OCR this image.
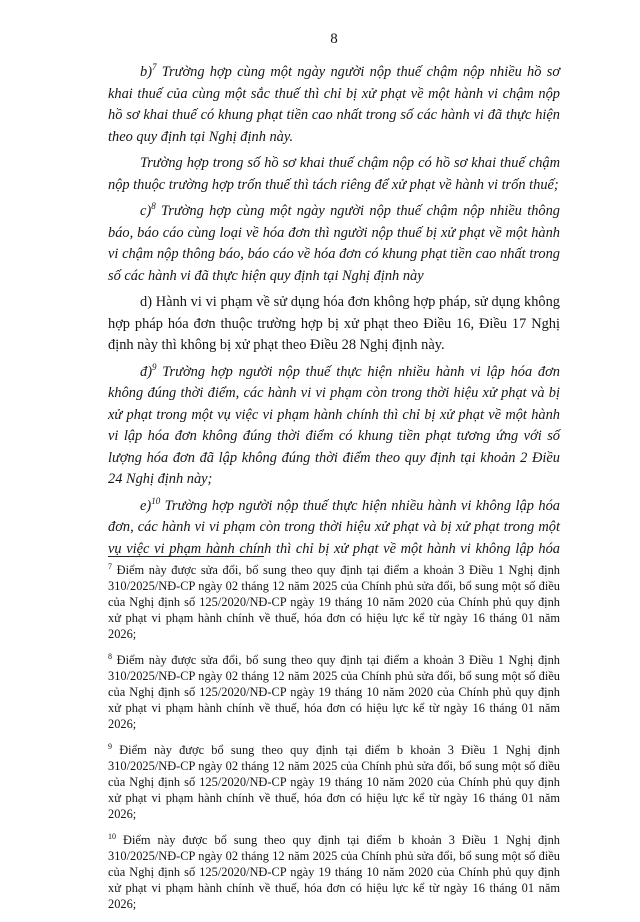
8

b)$^7$ Trường hợp cùng một ngày người nộp thuế chậm nộp nhiều hồ sơ khai thuế của cùng một sắc thuế thì chỉ bị xử phạt về một hành vi chậm nộp hồ sơ khai thuế có khung phạt tiền cao nhất trong số các hành vi đã thực hiện theo quy định tại Nghị định này.

Trường hợp trong số hồ sơ khai thuế chậm nộp có hồ sơ khai thuế chậm nộp thuộc trường hợp trốn thuế thì tách riêng để xử phạt về hành vi trốn thuế;

c)$^8$ Trường hợp cùng một ngày người nộp thuế chậm nộp nhiều thông báo, báo cáo cùng loại về hóa đơn thì người nộp thuế bị xử phạt về một hành vi chậm nộp thông báo, báo cáo về hóa đơn có khung phạt tiền cao nhất trong số các hành vi đã thực hiện quy định tại Nghị định này

d) Hành vi vi phạm về sử dụng hóa đơn không hợp pháp, sử dụng không hợp pháp hóa đơn thuộc trường hợp bị xử phạt theo Điều 16, Điều 17 Nghị định này thì không bị xử phạt theo Điều 28 Nghị định này.

đ)$^9$ Trường hợp người nộp thuế thực hiện nhiều hành vi lập hóa đơn không đúng thời điểm, các hành vi vi phạm còn trong thời hiệu xử phạt và bị xử phạt trong một vụ việc vi phạm hành chính thì chỉ bị xử phạt về một hành vi lập hóa đơn không đúng thời điểm có khung tiền phạt tương ứng với số lượng hóa đơn đã lập không đúng thời điểm theo quy định tại khoản 2 Điều 24 Nghị định này;

e)$^{10}$ Trường hợp người nộp thuế thực hiện nhiều hành vi không lập hóa đơn, các hành vi vi phạm còn trong thời hiệu xử phạt và bị xử phạt trong một vụ việc vi phạm hành chính thì chỉ bị xử phạt về một hành vi không lập hóa

$^7$ Điểm này được sửa đổi, bổ sung theo quy định tại điểm a khoản 3 Điều 1 Nghị định 310/2025/NĐ-CP ngày 02 tháng 12 năm 2025 của Chính phủ sửa đổi, bổ sung một số điều của Nghị định số 125/2020/NĐ-CP ngày 19 tháng 10 năm 2020 của Chính phủ quy định xử phạt vi phạm hành chính về thuế, hóa đơn có hiệu lực kể từ ngày 16 tháng 01 năm 2026;

$^8$ Điểm này được sửa đổi, bổ sung theo quy định tại điểm a khoản 3 Điều 1 Nghị định 310/2025/NĐ-CP ngày 02 tháng 12 năm 2025 của Chính phủ sửa đổi, bổ sung một số điều của Nghị định số 125/2020/NĐ-CP ngày 19 tháng 10 năm 2020 của Chính phủ quy định xử phạt vi phạm hành chính về thuế, hóa đơn có hiệu lực kể từ ngày 16 tháng 01 năm 2026;

$^9$ Điểm này được bổ sung theo quy định tại điểm b khoản 3 Điều 1 Nghị định 310/2025/NĐ-CP ngày 02 tháng 12 năm 2025 của Chính phủ sửa đổi, bổ sung một số điều của Nghị định số 125/2020/NĐ-CP ngày 19 tháng 10 năm 2020 của Chính phủ quy định xử phạt vi phạm hành chính về thuế, hóa đơn có hiệu lực kể từ ngày 16 tháng 01 năm 2026;

$^{10}$ Điểm này được bổ sung theo quy định tại điểm b khoản 3 Điều 1 Nghị định 310/2025/NĐ-CP ngày 02 tháng 12 năm 2025 của Chính phủ sửa đổi, bổ sung một số điều của Nghị định số 125/2020/NĐ-CP ngày 19 tháng 10 năm 2020 của Chính phủ quy định xử phạt vi phạm hành chính về thuế, hóa đơn có hiệu lực kể từ ngày 16 tháng 01 năm 2026;
